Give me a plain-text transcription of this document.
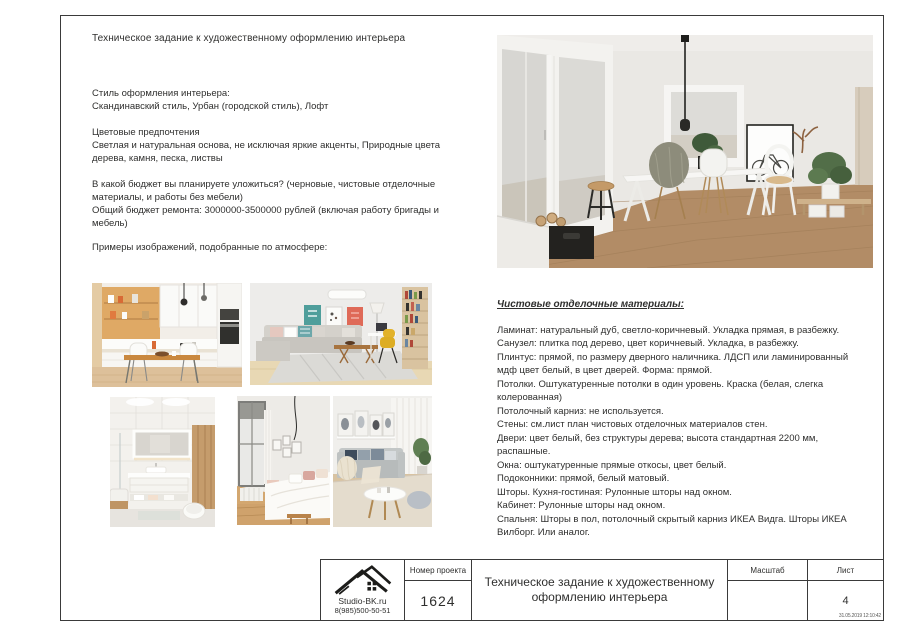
Техническое задание к художественному оформлению интерьера
Стиль оформления интерьера:
Скандинавский стиль, Урбан (городской стиль), Лофт
Цветовые предпочтения
Светлая и натуральная основа, не исключая яркие акценты, Природные цвета дерева, камня, песка, листвы
В какой бюджет вы планируете уложиться? (черновые, чистовые отделочные материалы, и работы без мебели)
Общий бюджет ремонта: 3000000-3500000 рублей (включая работу бригады и мебель)
Примеры изображений, подобранные по атмосфере:
Чистовые отделочные материалы:
Ламинат: натуральный дуб, светло-коричневый. Укладка прямая, в разбежку.
Санузел: плитка под дерево, цвет коричневый. Укладка, в разбежку.
Плинтус: прямой, по размеру дверного наличника. ЛДСП или ламинированный мдф цвет белый, в цвет дверей. Форма: прямой.
Потолки. Оштукатуренные потолки в один уровень. Краска (белая, слегка колерованная)
Потолочный карниз: не используется.
Стены: см.лист план чистовых отделочных материалов стен.
Двери: цвет белый, без структуры дерева; высота стандартная 2200 мм, распашные.
Окна: оштукатуренные прямые откосы, цвет белый.
Подоконники: прямой, белый матовый.
Шторы. Кухня-гостиная: Рулонные шторы над окном.
Кабинет: Рулонные шторы над окном.
Спальня: Шторы в пол, потолочный скрытый карниз ИКЕА Видга. Шторы ИКЕА Вилборг. Или аналог.
Studio-BK.ru
8(985)500-50-51
Номер проекта
Техническое задание к художественному оформлению интерьера
Масштаб	Лист
1624	4
31.05.2019 12:10:42
